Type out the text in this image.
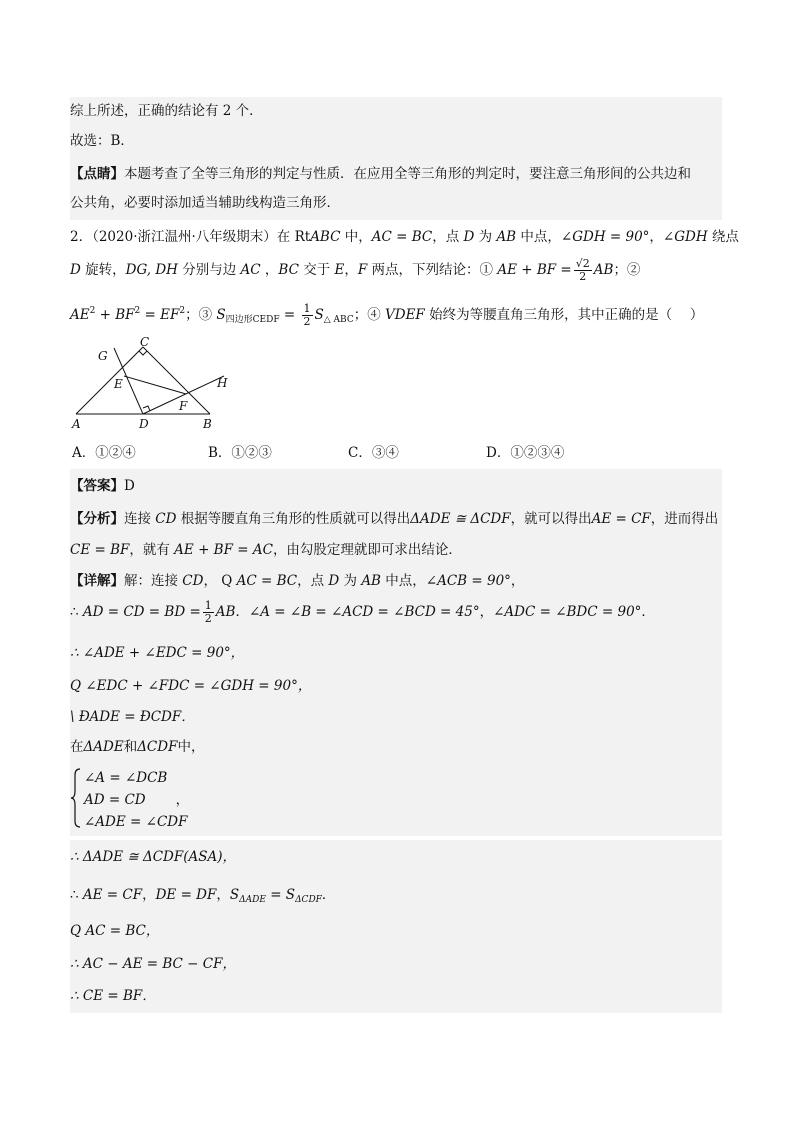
综上所述，正确的结论有 2 个．
故选：B．
【点睛】本题考查了全等三角形的判定与性质．在应用全等三角形的判定时，要注意三角形间的公共边和
公共角，必要时添加适当辅助线构造三角形．
2．（2020·浙江温州·八年级期末）在 RtABC 中，AC = BC，点 D 为 AB 中点，∠GDH = 90°，∠GDH 绕点
D 旋转，DG, DH 分别与边 AC ，BC 交于 E，F 两点，下列结论：① AE + BF = $\frac{√2}{2}$ AB；②
$AE^2 + BF^2 = EF^2$；③ $S_{四边形CEDF} = \frac{1}{2} S_{\triangle ABC}$；④ VDEF 始终为等腰直角三角形，其中正确的是（　 ）
G
C
H
E
F
A	D	B
A．①②④	B．①②③	C．③④	D．①②③④
【答案】D
【分析】连接 CD 根据等腰直角三角形的性质就可以得出ΔADE ≅ ΔCDF，就可以得出AE = CF，进而得出
CE = BF，就有 AE + BF = AC，由勾股定理就即可求出结论．
【详解】解：连接 CD， Q AC = BC，点 D 为 AB 中点，∠ACB = 90°，
∴ AD = CD = BD = $\frac{1}{2}$ AB．∠A = ∠B = ∠ACD = ∠BCD = 45°，∠ADC = ∠BDC = 90°．
∴ ∠ADE + ∠EDC = 90°，
Q ∠EDC + ∠FDC = ∠GDH = 90°，
\ ÐADE = ÐCDF．
在ΔADE和ΔCDF中，
∠A = ∠DCB
AD = CD ，
∠ADE = ∠CDF
∴ ΔADE ≅ ΔCDF(ASA)，
∴ AE = CF，DE = DF，$S_{\Delta ADE} = S_{\Delta CDF}$．
Q AC = BC，
∴ AC − AE = BC − CF，
∴ CE = BF．
